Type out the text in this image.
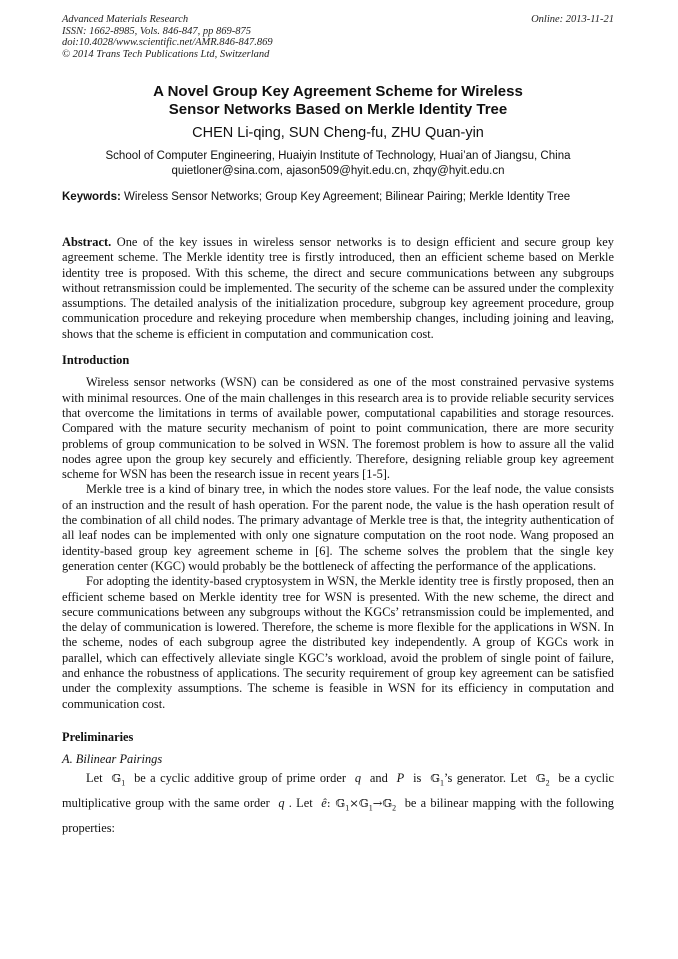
Advanced Materials Research
ISSN: 1662-8985, Vols. 846-847, pp 869-875
doi:10.4028/www.scientific.net/AMR.846-847.869
© 2014 Trans Tech Publications Ltd, Switzerland
Online: 2013-11-21
A Novel Group Key Agreement Scheme for Wireless
Sensor Networks Based on Merkle Identity Tree
CHEN Li-qing, SUN Cheng-fu, ZHU Quan-yin
School of Computer Engineering, Huaiyin Institute of Technology, Huai’an of Jiangsu, China
quietloner@sina.com, ajason509@hyit.edu.cn, zhqy@hyit.edu.cn
Keywords: Wireless Sensor Networks; Group Key Agreement; Bilinear Pairing; Merkle Identity Tree

Abstract. One of the key issues in wireless sensor networks is to design efficient and secure group key agreement scheme. The Merkle identity tree is firstly introduced, then an efficient scheme based on Merkle identity tree is proposed. With this scheme, the direct and secure communications between any subgroups without retransmission could be implemented. The security of the scheme can be assured under the complexity assumptions. The detailed analysis of the initialization procedure, subgroup key agreement procedure, group communication procedure and rekeying procedure when membership changes, including joining and leaving, shows that the scheme is efficient in computation and communication cost.

Introduction

Wireless sensor networks (WSN) can be considered as one of the most constrained pervasive systems with minimal resources. One of the main challenges in this research area is to provide reliable security services that overcome the limitations in terms of available power, computational capabilities and storage resources. Compared with the mature security mechanism of point to point communication, there are more security problems of group communication to be solved in WSN. The foremost problem is how to assure all the valid nodes agree upon the group key securely and efficiently. Therefore, designing reliable group key agreement scheme for WSN has been the research issue in recent years [1-5].

Merkle tree is a kind of binary tree, in which the nodes store values. For the leaf node, the value consists of an instruction and the result of hash operation. For the parent node, the value is the hash operation result of the combination of all child nodes. The primary advantage of Merkle tree is that, the integrity authentication of all leaf nodes can be implemented with only one signature computation on the root node. Wang proposed an identity-based group key agreement scheme in [6]. The scheme solves the problem that the single key generation center (KGC) would probably be the bottleneck of affecting the performance of the applications.

For adopting the identity-based cryptosystem in WSN, the Merkle identity tree is firstly proposed, then an efficient scheme based on Merkle identity tree for WSN is presented. With the new scheme, the direct and secure communications between any subgroups without the KGCs’ retransmission could be implemented, and the delay of communication is lowered. Therefore, the scheme is more flexible for the applications in WSN. In the scheme, nodes of each subgroup agree the distributed key independently. A group of KGCs work in parallel, which can effectively alleviate single KGC’s workload, avoid the problem of single point of failure, and enhance the robustness of applications. The security requirement of group key agreement can be satisfied under the complexity assumptions. The scheme is feasible in WSN for its efficiency in computation and communication cost.

Preliminaries
A. Bilinear Pairings

Let 𝔾$_1$ be a cyclic additive group of prime order q and P is 𝔾$_1$’s generator. Let 𝔾$_2$ be a cyclic multiplicative group with the same order q . Let ê: 𝔾$_1$×𝔾$_1$→𝔾$_2$ be a bilinear mapping with the following properties:
